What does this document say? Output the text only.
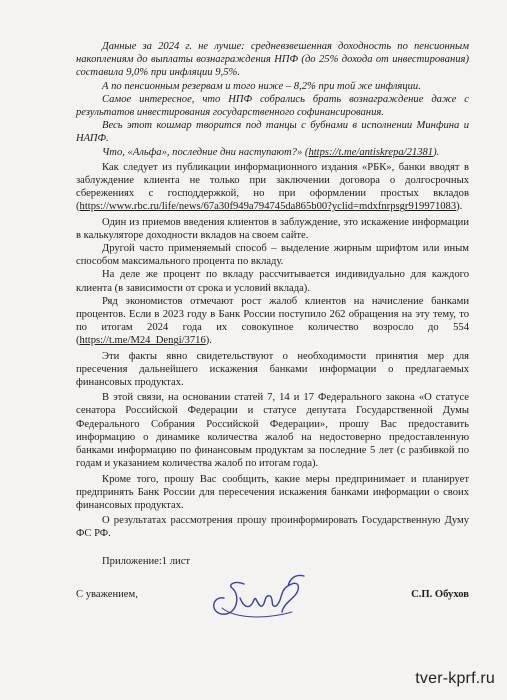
Данные за 2024 г. не лучше: средневзвешенная доходность по пенсионным накоплениям до выплаты вознаграждения НПФ (до 25% дохода от инвестирования) составила 9,0% при инфляции 9,5%.

А по пенсионным резервам и того ниже – 8,2% при той же инфляции.

Самое интересное, что НПФ собрались брать вознаграждение даже с результатов инвестирования государственного софинансирования.

Весь этот кошмар творится под танцы с бубнами в исполнении Минфина и НАПФ.

Что, «Альфа», последние дни наступают?» (https://t.me/antiskrepa/21381).

Как следует из публикации информационного издания «РБК», банки вводят в заблуждение клиента не только при заключении договора о долгосрочных сбережениях с господдержкой, но при оформлении простых вкладов (https://www.rbc.ru/life/news/67a30f949a794745da865b00?yclid=mdxfnrpsgr919971083).

Один из приемов введения клиентов в заблуждение, это искажение информации в калькуляторе доходности вкладов на своем сайте.

Другой часто применяемый способ – выделение жирным шрифтом или иным способом максимального процента по вкладу.

На деле же процент по вкладу рассчитывается индивидуально для каждого клиента (в зависимости от срока и условий вклада).

Ряд экономистов отмечают рост жалоб клиентов на начисление банками процентов. Если в 2023 году в Банк России поступило 262 обращения на эту тему, то по итогам 2024 года их совокупное количество возросло до 554 (https://t.me/M24_Dengi/3716).

Эти факты явно свидетельствуют о необходимости принятия мер для пресечения дальнейшего искажения банками информации о предлагаемых финансовых продуктах.

В этой связи, на основании статей 7, 14 и 17 Федерального закона «О статусе сенатора Российской Федерации и статусе депутата Государственной Думы Федерального Собрания Российской Федерации», прошу Вас предоставить информацию о динамике количества жалоб на недостоверно предоставленную банками информацию по финансовым продуктам за последние 5 лет (с разбивкой по годам и указанием количества жалоб по итогам года).

Кроме того, прошу Вас сообщить, какие меры предпринимает и планирует предпринять Банк России для пересечения искажения банками информации о своих финансовых продуктах.

О результатах рассмотрения прошу проинформировать Государственную Думу ФС РФ.

Приложение:1 лист

С уважением,	С.П. Обухов
tver-kprf.ru
